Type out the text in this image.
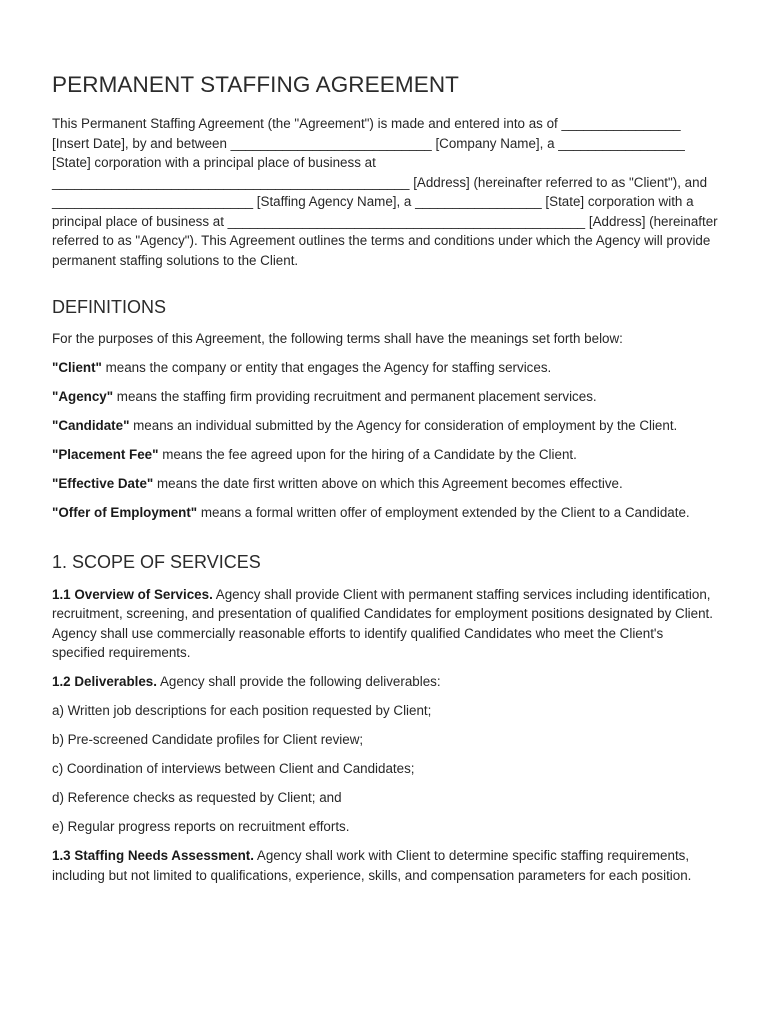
PERMANENT STAFFING AGREEMENT

This Permanent Staffing Agreement (the "Agreement") is made and entered into as of ________________ [Insert Date], by and between ___________________________ [Company Name], a _________________ [State] corporation with a principal place of business at ________________________________________________ [Address] (hereinafter referred to as "Client"), and ___________________________ [Staffing Agency Name], a _________________ [State] corporation with a principal place of business at ________________________________________________ [Address] (hereinafter referred to as "Agency"). This Agreement outlines the terms and conditions under which the Agency will provide permanent staffing solutions to the Client.

DEFINITIONS

For the purposes of this Agreement, the following terms shall have the meanings set forth below:

"Client" means the company or entity that engages the Agency for staffing services.

"Agency" means the staffing firm providing recruitment and permanent placement services.

"Candidate" means an individual submitted by the Agency for consideration of employment by the Client.

"Placement Fee" means the fee agreed upon for the hiring of a Candidate by the Client.

"Effective Date" means the date first written above on which this Agreement becomes effective.

"Offer of Employment" means a formal written offer of employment extended by the Client to a Candidate.

1. SCOPE OF SERVICES

1.1 Overview of Services. Agency shall provide Client with permanent staffing services including identification, recruitment, screening, and presentation of qualified Candidates for employment positions designated by Client. Agency shall use commercially reasonable efforts to identify qualified Candidates who meet the Client's specified requirements.

1.2 Deliverables. Agency shall provide the following deliverables:

a) Written job descriptions for each position requested by Client;

b) Pre-screened Candidate profiles for Client review;

c) Coordination of interviews between Client and Candidates;

d) Reference checks as requested by Client; and

e) Regular progress reports on recruitment efforts.

1.3 Staffing Needs Assessment. Agency shall work with Client to determine specific staffing requirements, including but not limited to qualifications, experience, skills, and compensation parameters for each position.
